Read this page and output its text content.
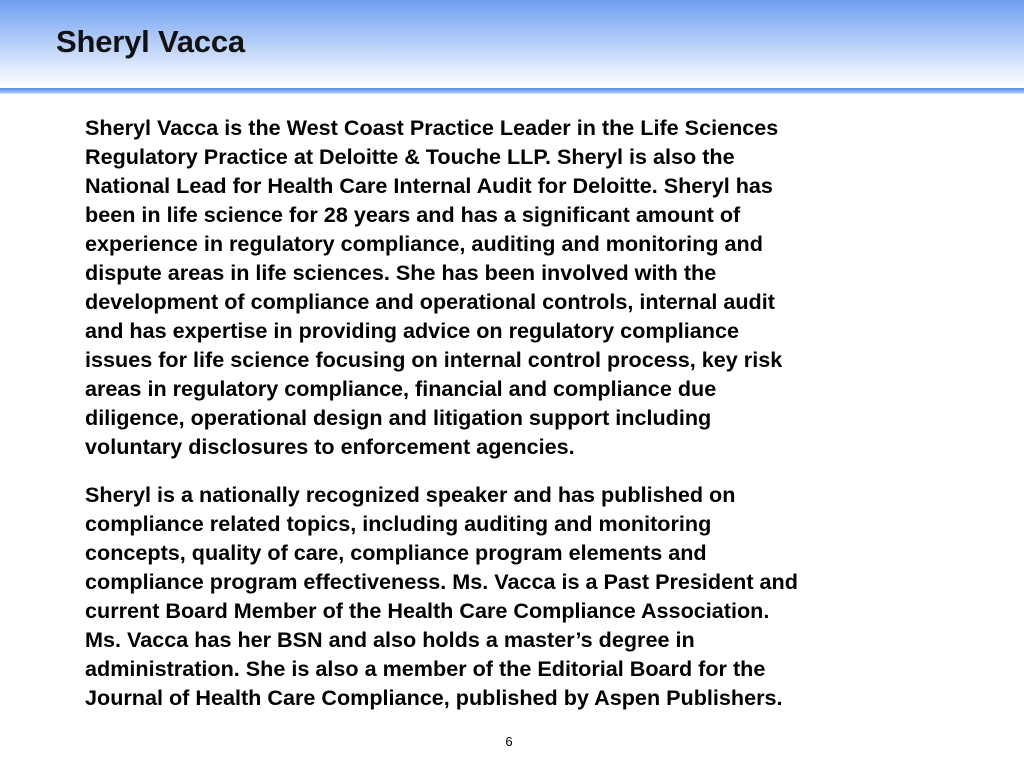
Sheryl Vacca

Sheryl Vacca is the West Coast Practice Leader in the Life Sciences
Regulatory Practice at Deloitte & Touche LLP. Sheryl is also the
National Lead for Health Care Internal Audit for Deloitte. Sheryl has
been in life science for 28 years and has a significant amount of
experience in regulatory compliance, auditing and monitoring and
dispute areas in life sciences. She has been involved with the
development of compliance and operational controls, internal audit
and has expertise in providing advice on regulatory compliance
issues for life science focusing on internal control process, key risk
areas in regulatory compliance, financial and compliance due
diligence, operational design and litigation support including
voluntary disclosures to enforcement agencies.

Sheryl is a nationally recognized speaker and has published on
compliance related topics, including auditing and monitoring
concepts, quality of care, compliance program elements and
compliance program effectiveness. Ms. Vacca is a Past President and
current Board Member of the Health Care Compliance Association.
Ms. Vacca has her BSN and also holds a master’s degree in
administration. She is also a member of the Editorial Board for the
Journal of Health Care Compliance, published by Aspen Publishers.

6
